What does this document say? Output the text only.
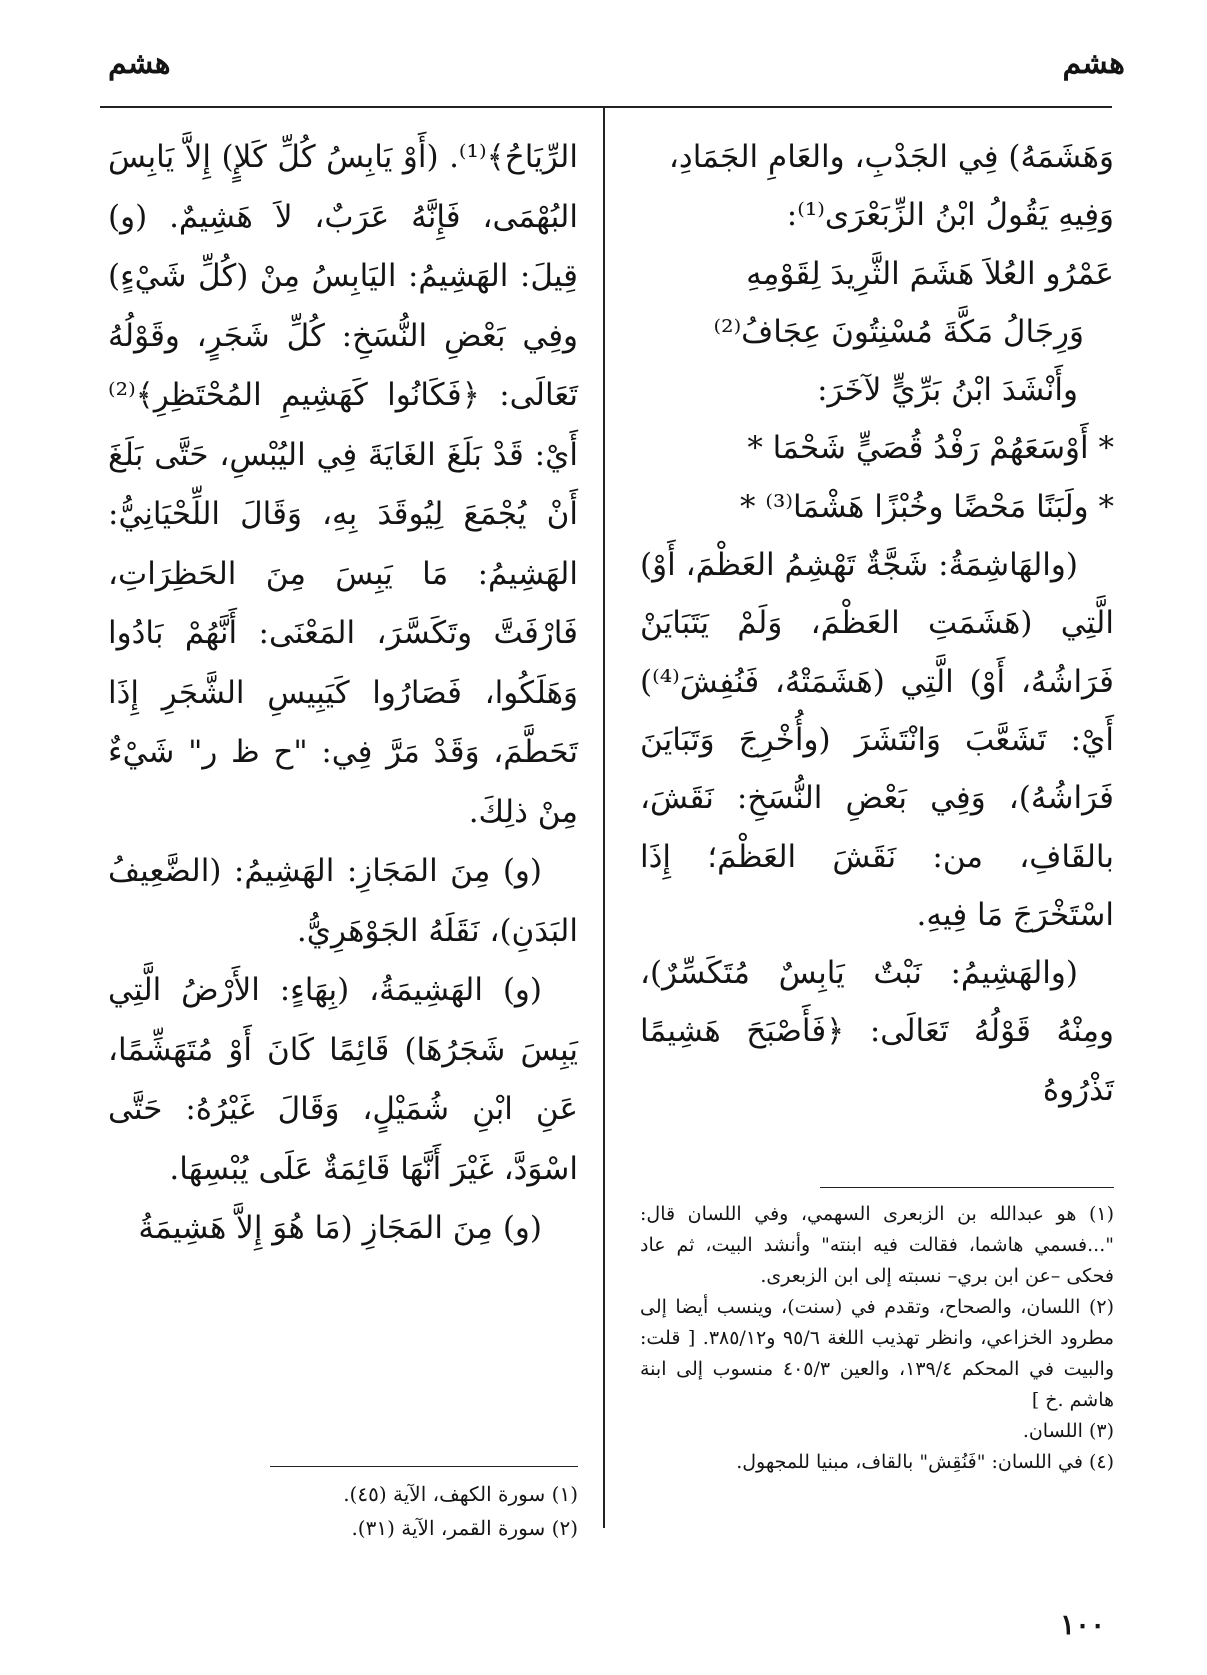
هشم
هشم

وَهَشَمَهُ) فِي الجَدْبِ، والعَامِ الجَمَادِ،

وَفِيهِ يَقُولُ ابْنُ الزِّبَعْرَى⁽¹⁾:

عَمْرُو العُلاَ هَشَمَ الثَّرِيدَ لِقَوْمِهِ

وَرِجَالُ مَكَّةَ مُسْنِتُونَ عِجَافُ⁽²⁾

وأَنْشَدَ ابْنُ بَرِّيٍّ لآخَرَ:

* أَوْسَعَهُمْ رَفْدُ قُصَيٍّ شَحْمَا *

* ولَبَنًا مَحْضًا وخُبْزًا هَشْمَا⁽³⁾ *

(والهَاشِمَةُ: شَجَّةٌ تَهْشِمُ العَظْمَ، أَوْ) الَّتِي (هَشَمَتِ العَظْمَ، وَلَمْ يَتَبَايَنْ فَرَاشُهُ، أَوْ) الَّتِي (هَشَمَتْهُ، فَنُفِشَ⁽⁴⁾) أَيْ: تَشَعَّبَ وَانْتَشَرَ (وأُخْرِجَ وَتَبَايَنَ فَرَاشُهُ)، وَفِي بَعْضِ النُّسَخِ: نَقَشَ، بالقَافِ، من: نَقَشَ العَظْمَ؛ إِذَا اسْتَخْرَجَ مَا فِيهِ.

(والهَشِيمُ: نَبْتٌ يَابِسٌ مُتَكَسِّرٌ)، ومِنْهُ قَوْلُهُ تَعَالَى: ﴿فَأَصْبَحَ هَشِيمًا تَذْرُوهُ

الرِّيَاحُ﴾⁽¹⁾. (أَوْ يَابِسُ كُلِّ كَلإٍ) إِلاَّ يَابِسَ البُهْمَى، فَإِنَّهُ عَرَبٌ، لاَ هَشِيمٌ. (و) قِيلَ: الهَشِيمُ: اليَابِسُ مِنْ (كُلِّ شَيْءٍ) وفِي بَعْضِ النُّسَخِ: كُلِّ شَجَرٍ، وقَوْلُهُ تَعَالَى: ﴿فَكَانُوا كَهَشِيمِ المُحْتَظِرِ﴾⁽²⁾ أَيْ: قَدْ بَلَغَ الغَايَةَ فِي اليُبْسِ، حَتَّى بَلَغَ أَنْ يُجْمَعَ لِيُوقَدَ بِهِ، وَقَالَ اللِّحْيَانِيُّ: الهَشِيمُ: مَا يَبِسَ مِنَ الحَظِرَاتِ، فَارْفَتَّ وتَكَسَّرَ، المَعْنَى: أَنَّهُمْ بَادُوا وَهَلَكُوا، فَصَارُوا كَيَبِيسِ الشَّجَرِ إِذَا تَحَطَّمَ، وَقَدْ مَرَّ فِي: "ح ظ ر" شَيْءٌ مِنْ ذلِكَ.

(و) مِنَ المَجَازِ: الهَشِيمُ: (الضَّعِيفُ البَدَنِ)، نَقَلَهُ الجَوْهَرِيُّ.

(و) الهَشِيمَةُ، (بِهَاءٍ: الأَرْضُ الَّتِي يَبِسَ شَجَرُهَا) قَائِمًا كَانَ أَوْ مُتَهَشِّمًا، عَنِ ابْنِ شُمَيْلٍ، وَقَالَ غَيْرُهُ: حَتَّى اسْوَدَّ، غَيْرَ أَنَّهَا قَائِمَةٌ عَلَى يُبْسِهَا.

(و) مِنَ المَجَازِ (مَا هُوَ إِلاَّ هَشِيمَةُ	(١) هو عبدالله بن الزبعرى السهمي، وفي اللسان قال: "...فسمي هاشما، فقالت فيه ابنته" وأنشد البيت، ثم عاد فحكى –عن ابن بري– نسبته إلى ابن الزبعرى.

(٢) اللسان، والصحاح، وتقدم في (سنت)، وينسب أيضا إلى مطرود الخزاعي، وانظر تهذيب اللغة ٩٥/٦ و٣٨٥/١٢. [ قلت: والبيت في المحكم ١٣٩/٤، والعين ٤٠٥/٣ منسوب إلى ابنة هاشم .خ ]

(٣) اللسان.

(٤) في اللسان: "فَنُقِش" بالقاف، مبنيا للمجهول.

(١) سورة الكهف، الآية (٤٥).

(٢) سورة القمر، الآية (٣١).

١٠٠
